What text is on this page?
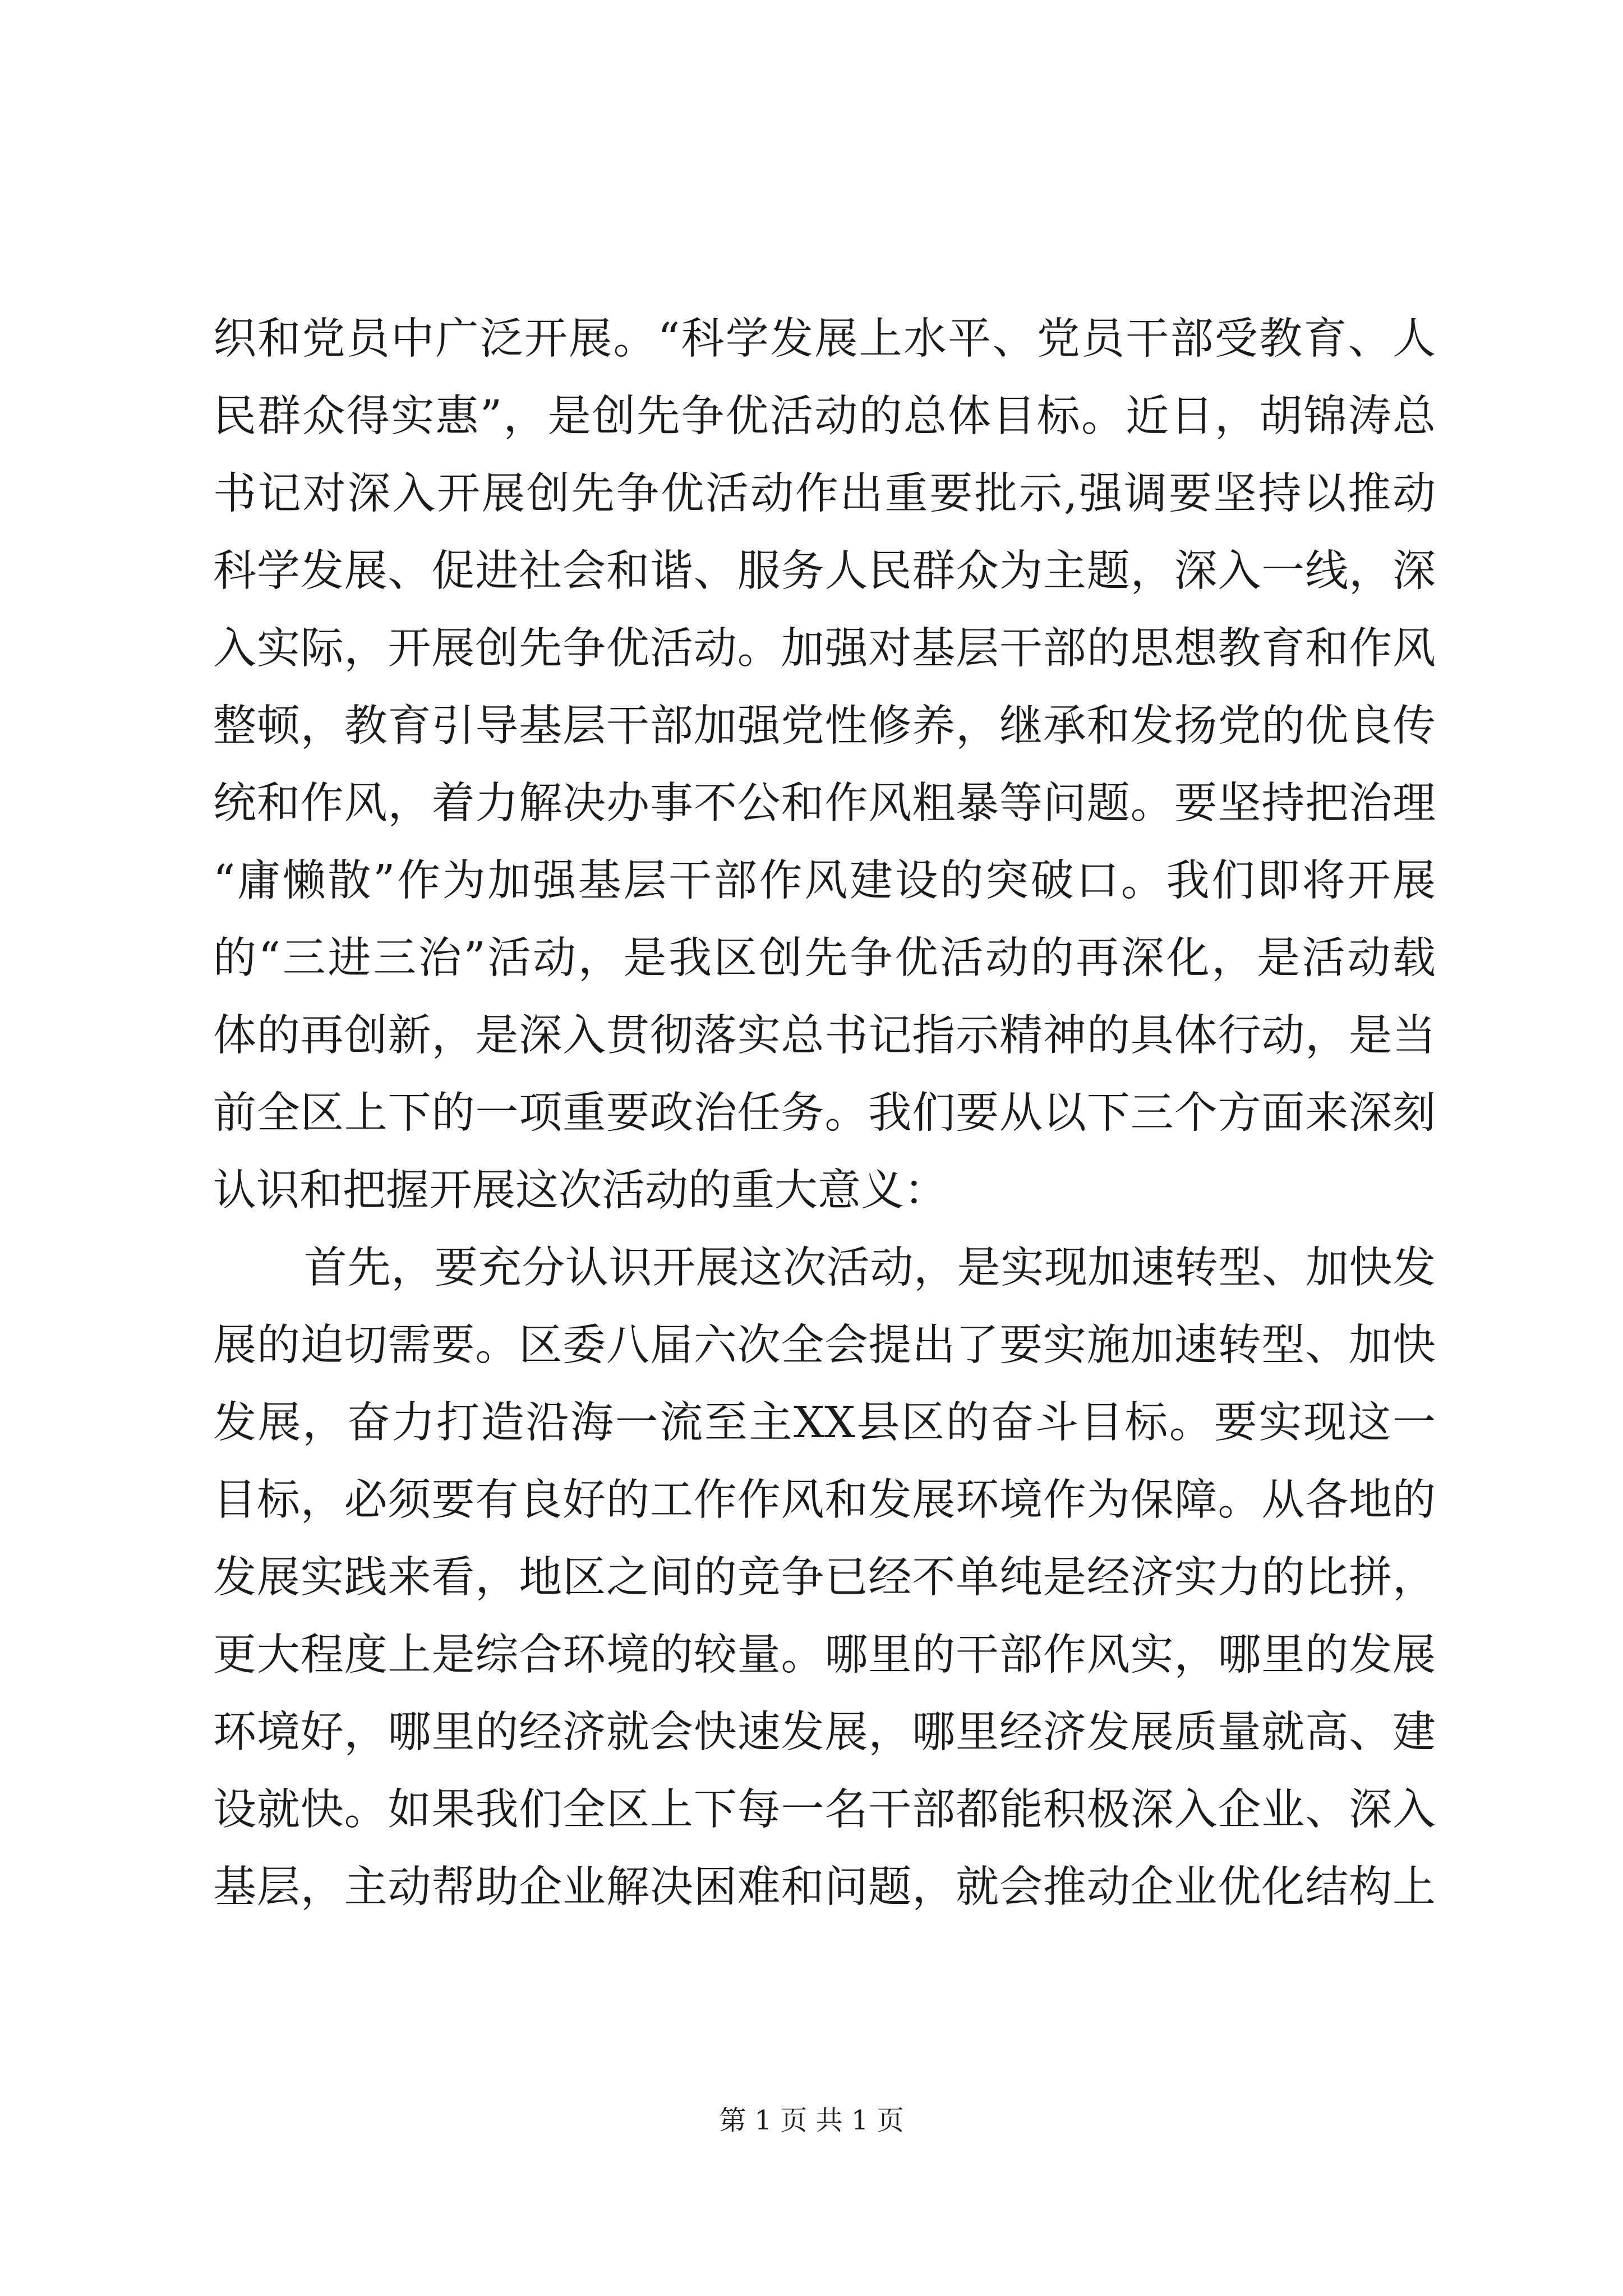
织和党员中广泛开展。“科学发展上水平、党员干部受教育、人
民群众得实惠”，是创先争优活动的总体目标。近日，胡锦涛总
书记对深入开展创先争优活动作出重要批示,强调要坚持以推动
科学发展、促进社会和谐、服务人民群众为主题，深入一线，深
入实际，开展创先争优活动。加强对基层干部的思想教育和作风
整顿，教育引导基层干部加强党性修养，继承和发扬党的优良传
统和作风，着力解决办事不公和作风粗暴等问题。要坚持把治理
“庸懒散”作为加强基层干部作风建设的突破口。我们即将开展
的“三进三治”活动，是我区创先争优活动的再深化，是活动载
体的再创新，是深入贯彻落实总书记指示精神的具体行动，是当
前全区上下的一项重要政治任务。我们要从以下三个方面来深刻
认识和把握开展这次活动的重大意义：
首先，要充分认识开展这次活动，是实现加速转型、加快发
展的迫切需要。区委八届六次全会提出了要实施加速转型、加快
发展，奋力打造沿海一流至主XX县区的奋斗目标。要实现这一
目标，必须要有良好的工作作风和发展环境作为保障。从各地的
发展实践来看，地区之间的竞争已经不单纯是经济实力的比拼，
更大程度上是综合环境的较量。哪里的干部作风实，哪里的发展
环境好，哪里的经济就会快速发展，哪里经济发展质量就高、建
设就快。如果我们全区上下每一名干部都能积极深入企业、深入
基层，主动帮助企业解决困难和问题，就会推动企业优化结构上
第 1 页 共 1 页
